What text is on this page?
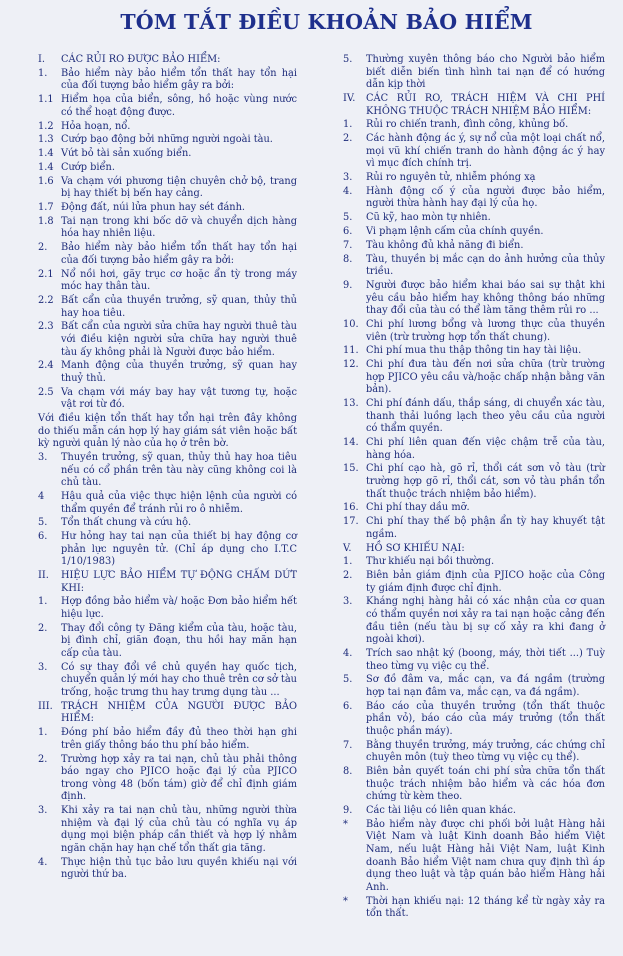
TÓM TẮT ĐIỀU KHOẢN BẢO HIỂM
I.	CÁC RỦI RO ĐƯỢC BẢO HIỂM:
1.	Bảo hiểm này bảo hiểm tổn thất hay tổn hại của đối tượng bảo hiểm gây ra bởi:
1.1 Hiểm họa của biển, sông, hồ hoặc vùng nước có thể hoạt động được.
1.2 Hỏa hoạn, nổ.
1.3 Cướp bạo động bởi những người ngoài tàu.
1.4 Vứt bỏ tài sản xuống biển.
1.4 Cướp biển.
1.6 Va chạm với phương tiện chuyên chở bộ, trang bị hay thiết bị bến hay cảng.
1.7 Động đất, núi lửa phun hay sét đánh.
1.8 Tai nạn trong khi bốc dỡ và chuyển dịch hàng hóa hay nhiên liệu.
2.	Bảo hiểm này bảo hiểm tổn thất hay tổn hại của đối tượng bảo hiểm gây ra bởi:
2.1 Nổ nồi hơi, gãy trục cơ hoặc ẩn tỳ trong máy móc hay thân tàu.
2.2 Bất cẩn của thuyền trưởng, sỹ quan, thủy thủ hay hoa tiêu.
2.3 Bất cẩn của người sửa chữa hay người thuê tàu với điều kiện người sửa chữa hay người thuê tàu ấy không phải là Người được bảo hiểm.
2.4 Manh động của thuyền trưởng, sỹ quan hay thuỷ thủ.
2.5 Va chạm với máy bay hay vật tương tự, hoặc vật rơi từ đó.
Với điều kiện tổn thất hay tổn hại trên đây không do thiếu mẫn cán hợp lý hay giám sát viên hoặc bất kỳ người quản lý nào của họ ở trên bờ.
3.	Thuyền trưởng, sỹ quan, thủy thủ hay hoa tiêu nếu có cổ phần trên tàu này cũng không coi là chủ tàu.
4	Hậu quả của việc thực hiện lệnh của người có thẩm quyền để tránh rủi ro ô nhiễm.
5.	Tổn thất chung và cứu hộ.
6.	Hư hỏng hay tai nạn của thiết bị hay động cơ phản lực nguyên tử. (Chỉ áp dụng cho I.T.C 1/10/1983)
II.	HIỆU LỰC BẢO HIỂM TỰ ĐỘNG CHẤM DỨT KHI:
1.	Hợp đồng bảo hiểm và/ hoặc Đơn bảo hiểm hết hiệu lực.
2.	Thay đổi công ty Đăng kiểm của tàu, hoặc tàu, bị đình chỉ, giãn đoạn, thu hồi hay mãn hạn cấp của tàu.
3.	Có sự thay đổi về chủ quyền hay quốc tịch, chuyển quản lý mới hay cho thuê trên cơ sở tàu trống, hoặc trưng thu hay trưng dụng tàu ...
III. TRÁCH NHIỆM CỦA NGƯỜI ĐƯỢC BẢO HIỂM:
1.	Đóng phí bảo hiểm đầy đủ theo thời hạn ghi trên giấy thông báo thu phí bảo hiểm.
2.	Trường hợp xảy ra tai nạn, chủ tàu phải thông báo ngay cho PJICO hoặc đại lý của PJICO trong vòng 48 (bốn tám) giờ để chỉ định giám định.
3.	Khi xảy ra tai nạn chủ tàu, những người thừa nhiệm và đại lý của chủ tàu có nghĩa vụ áp dụng mọi biện pháp cần thiết và hợp lý nhằm ngăn chặn hay hạn chế tổn thất gia tăng.
4.	Thực hiện thủ tục bảo lưu quyền khiếu nại với người thứ ba.
5.	Thường xuyên thông báo cho Người bảo hiểm biết diễn biến tình hình tai nạn để có hướng dẫn kịp thời
IV.	CÁC RỦI RO, TRÁCH HIỆM VÀ CHI PHÍ KHÔNG THUỘC TRÁCH NHIỆM BẢO HIỂM:
1.	Rủi ro chiến tranh, đình công, khủng bố.
2.	Các hành động ác ý, sự nổ của một loại chất nổ, mọi vũ khí chiến tranh do hành động ác ý hay vì mục đích chính trị.
3.	Rủi ro nguyên tử, nhiễm phóng xạ
4.	Hành động cố ý của người được bảo hiểm, người thừa hành hay đại lý của họ.
5.	Cũ kỹ, hao mòn tự nhiên.
6.	Vi phạm lệnh cấm của chính quyền.
7.	Tàu không đủ khả năng đi biển.
8.	Tàu, thuyền bị mắc cạn do ảnh hưởng của thủy triều.
9.	Người được bảo hiểm khai báo sai sự thật khi yêu cầu bảo hiểm hay không thông báo những thay đổi của tàu có thể làm tăng thêm rủi ro ...
10. Chi phí lương bổng và lương thực của thuyền viên (trừ trường hợp tổn thất chung).
11. Chi phí mua thu thập thông tin hay tài liệu.
12. Chi phí đưa tàu đến nơi sửa chữa (trừ trường hợp PJICO yêu cầu và/hoặc chấp nhận bằng văn bản).
13. Chi phí đánh dấu, thắp sáng, di chuyển xác tàu, thanh thải luồng lạch theo yêu cầu của người có thẩm quyền.
14. Chi phí liên quan đến việc chậm trễ của tàu, hàng hóa.
15. Chi phí cạo hà, gõ rỉ, thổi cát sơn vỏ tàu (trừ trường hợp gõ rỉ, thổi cát, sơn vỏ tàu phần tổn thất thuộc trách nhiệm bảo hiểm).
16. Chi phí thay dầu mỡ.
17. Chi phí thay thế bộ phận ẩn tỳ hay khuyết tật ngầm.
V.	HỒ SƠ KHIẾU NẠI:
1.	Thư khiếu nại bồi thường.
2.	Biên bản giám định của PJICO hoặc của Công ty giám định được chỉ định.
3.	Kháng nghị hàng hải có xác nhận của cơ quan có thẩm quyền nơi xảy ra tai nạn hoặc cảng đến đầu tiên (nếu tàu bị sự cố xảy ra khi đang ở ngoài khơi).
4.	Trích sao nhật ký (boong, máy, thời tiết ...) Tuỳ theo từng vụ việc cụ thể.
5.	Sơ đồ đâm va, mắc cạn, va đá ngầm (trường hợp tai nạn đâm va, mắc cạn, va đá ngầm).
6.	Báo cáo của thuyền trưởng (tổn thất thuộc phần vỏ), báo cáo của máy trưởng (tổn thất thuộc phần máy).
7.	Bằng thuyền trưởng, máy trưởng, các chứng chỉ chuyên môn (tuỳ theo từng vụ việc cụ thể).
8.	Biên bản quyết toán chi phí sửa chữa tổn thất thuộc trách nhiệm bảo hiểm và các hóa đơn chứng từ kèm theo.
9.	Các tài liệu có liên quan khác.
*	Bảo hiểm này được chi phối bởi luật Hàng hải Việt Nam và luật Kinh doanh Bảo hiểm Việt Nam, nếu luật Hàng hải Việt Nam, luật Kinh doanh Bảo hiểm Việt nam chưa quy định thì áp dụng theo luật và tập quán bảo hiểm Hàng hải Anh.
*	Thời hạn khiếu nại: 12 tháng kể từ ngày xảy ra tổn thất.
